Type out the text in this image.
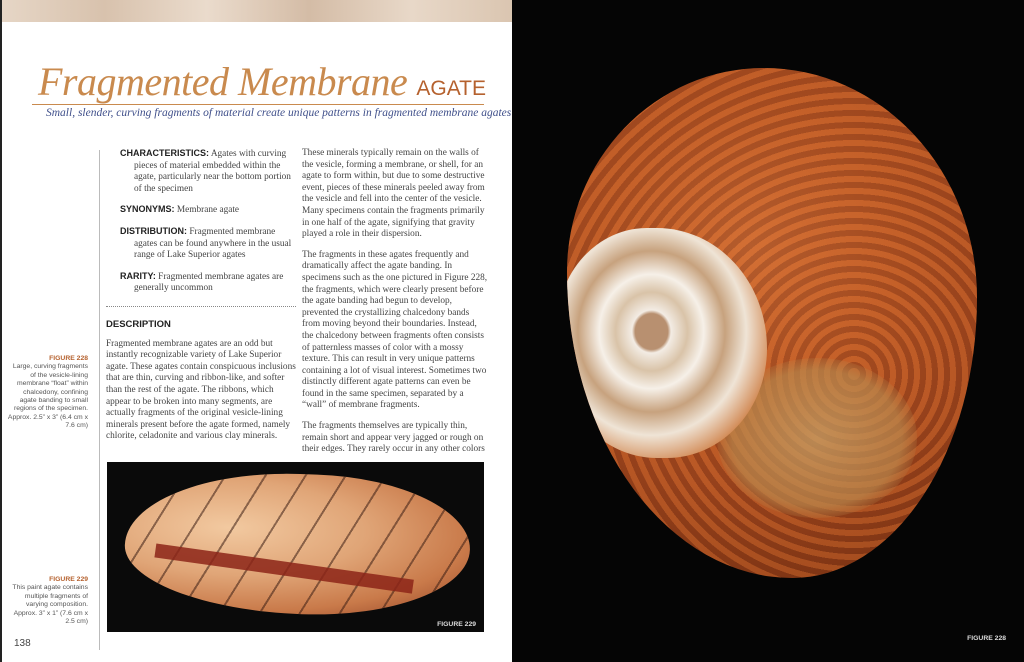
Fragmented Membrane AGATE
Small, slender, curving fragments of material create unique patterns in fragmented membrane agates

CHARACTERISTICS: Agates with curving pieces of material embedded within the agate, particularly near the bottom portion of the specimen

SYNONYMS: Membrane agate

DISTRIBUTION: Fragmented membrane agates can be found anywhere in the usual range of Lake Superior agates

RARITY: Fragmented membrane agates are generally uncommon

DESCRIPTION

Fragmented membrane agates are an odd but instantly recognizable variety of Lake Superior agate. These agates contain conspicuous inclusions that are thin, curving and ribbon-like, and softer than the rest of the agate. The ribbons, which appear to be broken into many segments, are actually fragments of the original vesicle-lining minerals present before the agate formed, namely chlorite, celadonite and various clay minerals.

These minerals typically remain on the walls of the vesicle, forming a membrane, or shell, for an agate to form within, but due to some destructive event, pieces of these minerals peeled away from the vesicle and fell into the center of the vesicle. Many specimens contain the fragments primarily in one half of the agate, signifying that gravity played a role in their dispersion.

The fragments in these agates frequently and dramatically affect the agate banding. In specimens such as the one pictured in Figure 228, the fragments, which were clearly present before the agate banding had begun to develop, prevented the crystallizing chalcedony bands from moving beyond their boundaries. Instead, the chalcedony between fragments often consists of patternless masses of color with a mossy texture. This can result in very unique patterns containing a lot of visual interest. Sometimes two distinctly different agate patterns can even be found in the same specimen, separated by a “wall” of membrane fragments.

The fragments themselves are typically thin, remain short and appear very jagged or rough on their edges. They rarely occur in any other colors

FIGURE 228
Large, curving fragments of the vesicle-lining membrane “float” within chalcedony, confining agate banding to small regions of the specimen. Approx. 2.5” x 3” (6.4 cm x 7.6 cm)
FIGURE 229
This paint agate contains multiple fragments of varying composition. Approx. 3” x 1” (7.6 cm x 2.5 cm)	FIGURE 229
138	FIGURE 228
